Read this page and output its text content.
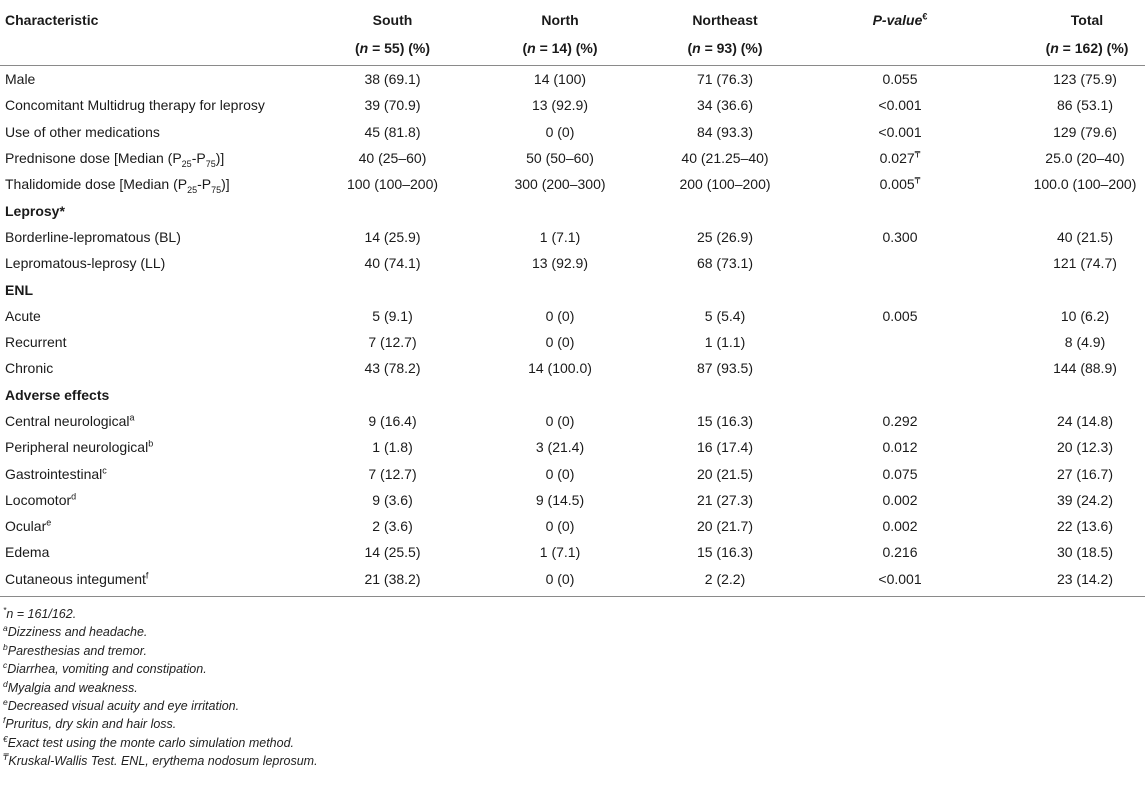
Characteristic	South	North	Northeast	P-value€	Total
	(n = 55) (%)	(n = 14) (%)	(n = 93) (%)		(n = 162) (%)
Male	38 (69.1)	14 (100)	71 (76.3)	0.055	123 (75.9)
Concomitant Multidrug therapy for leprosy	39 (70.9)	13 (92.9)	34 (36.6)	<0.001	86 (53.1)
Use of other medications	45 (81.8)	0 (0)	84 (93.3)	<0.001	129 (79.6)
Prednisone dose [Median $(P_{25}-P_{75})$]	40 (25–60)	50 (50–60)	40 (21.25–40)	0.027₸	25.0 (20–40)
Thalidomide dose [Median $(P_{25}-P_{75})$]	100 (100–200)	300 (200–300)	200 (100–200)	0.005₸	100.0 (100–200)
Leprosy*					
Borderline-lepromatous (BL)	14 (25.9)	1 (7.1)	25 (26.9)	0.300	40 (21.5)
Lepromatous-leprosy (LL)	40 (74.1)	13 (92.9)	68 (73.1)		121 (74.7)
ENL					
Acute	5 (9.1)	0 (0)	5 (5.4)	0.005	10 (6.2)
Recurrent	7 (12.7)	0 (0)	1 (1.1)		8 (4.9)
Chronic	43 (78.2)	14 (100.0)	87 (93.5)		144 (88.9)
Adverse effects					
Central neurological$^a$	9 (16.4)	0 (0)	15 (16.3)	0.292	24 (14.8)
Peripheral neurological$^b$	1 (1.8)	3 (21.4)	16 (17.4)	0.012	20 (12.3)
Gastrointestinal$^c$	7 (12.7)	0 (0)	20 (21.5)	0.075	27 (16.7)
Locomotor$^d$	9 (3.6)	9 (14.5)	21 (27.3)	0.002	39 (24.2)
Ocular$^e$	2 (3.6)	0 (0)	20 (21.7)	0.002	22 (13.6)
Edema	14 (25.5)	1 (7.1)	15 (16.3)	0.216	30 (18.5)
Cutaneous integument$^f$	21 (38.2)	0 (0)	2 (2.2)	<0.001	23 (14.2)
*n = 161/162.
$^a$Dizziness and headache.
$^b$Paresthesias and tremor.
$^c$Diarrhea, vomiting and constipation.
$^d$Myalgia and weakness.
$^e$Decreased visual acuity and eye irritation.
$^f$Pruritus, dry skin and hair loss.
€Exact test using the monte carlo simulation method.
₸Kruskal-Wallis Test. ENL, erythema nodosum leprosum.
